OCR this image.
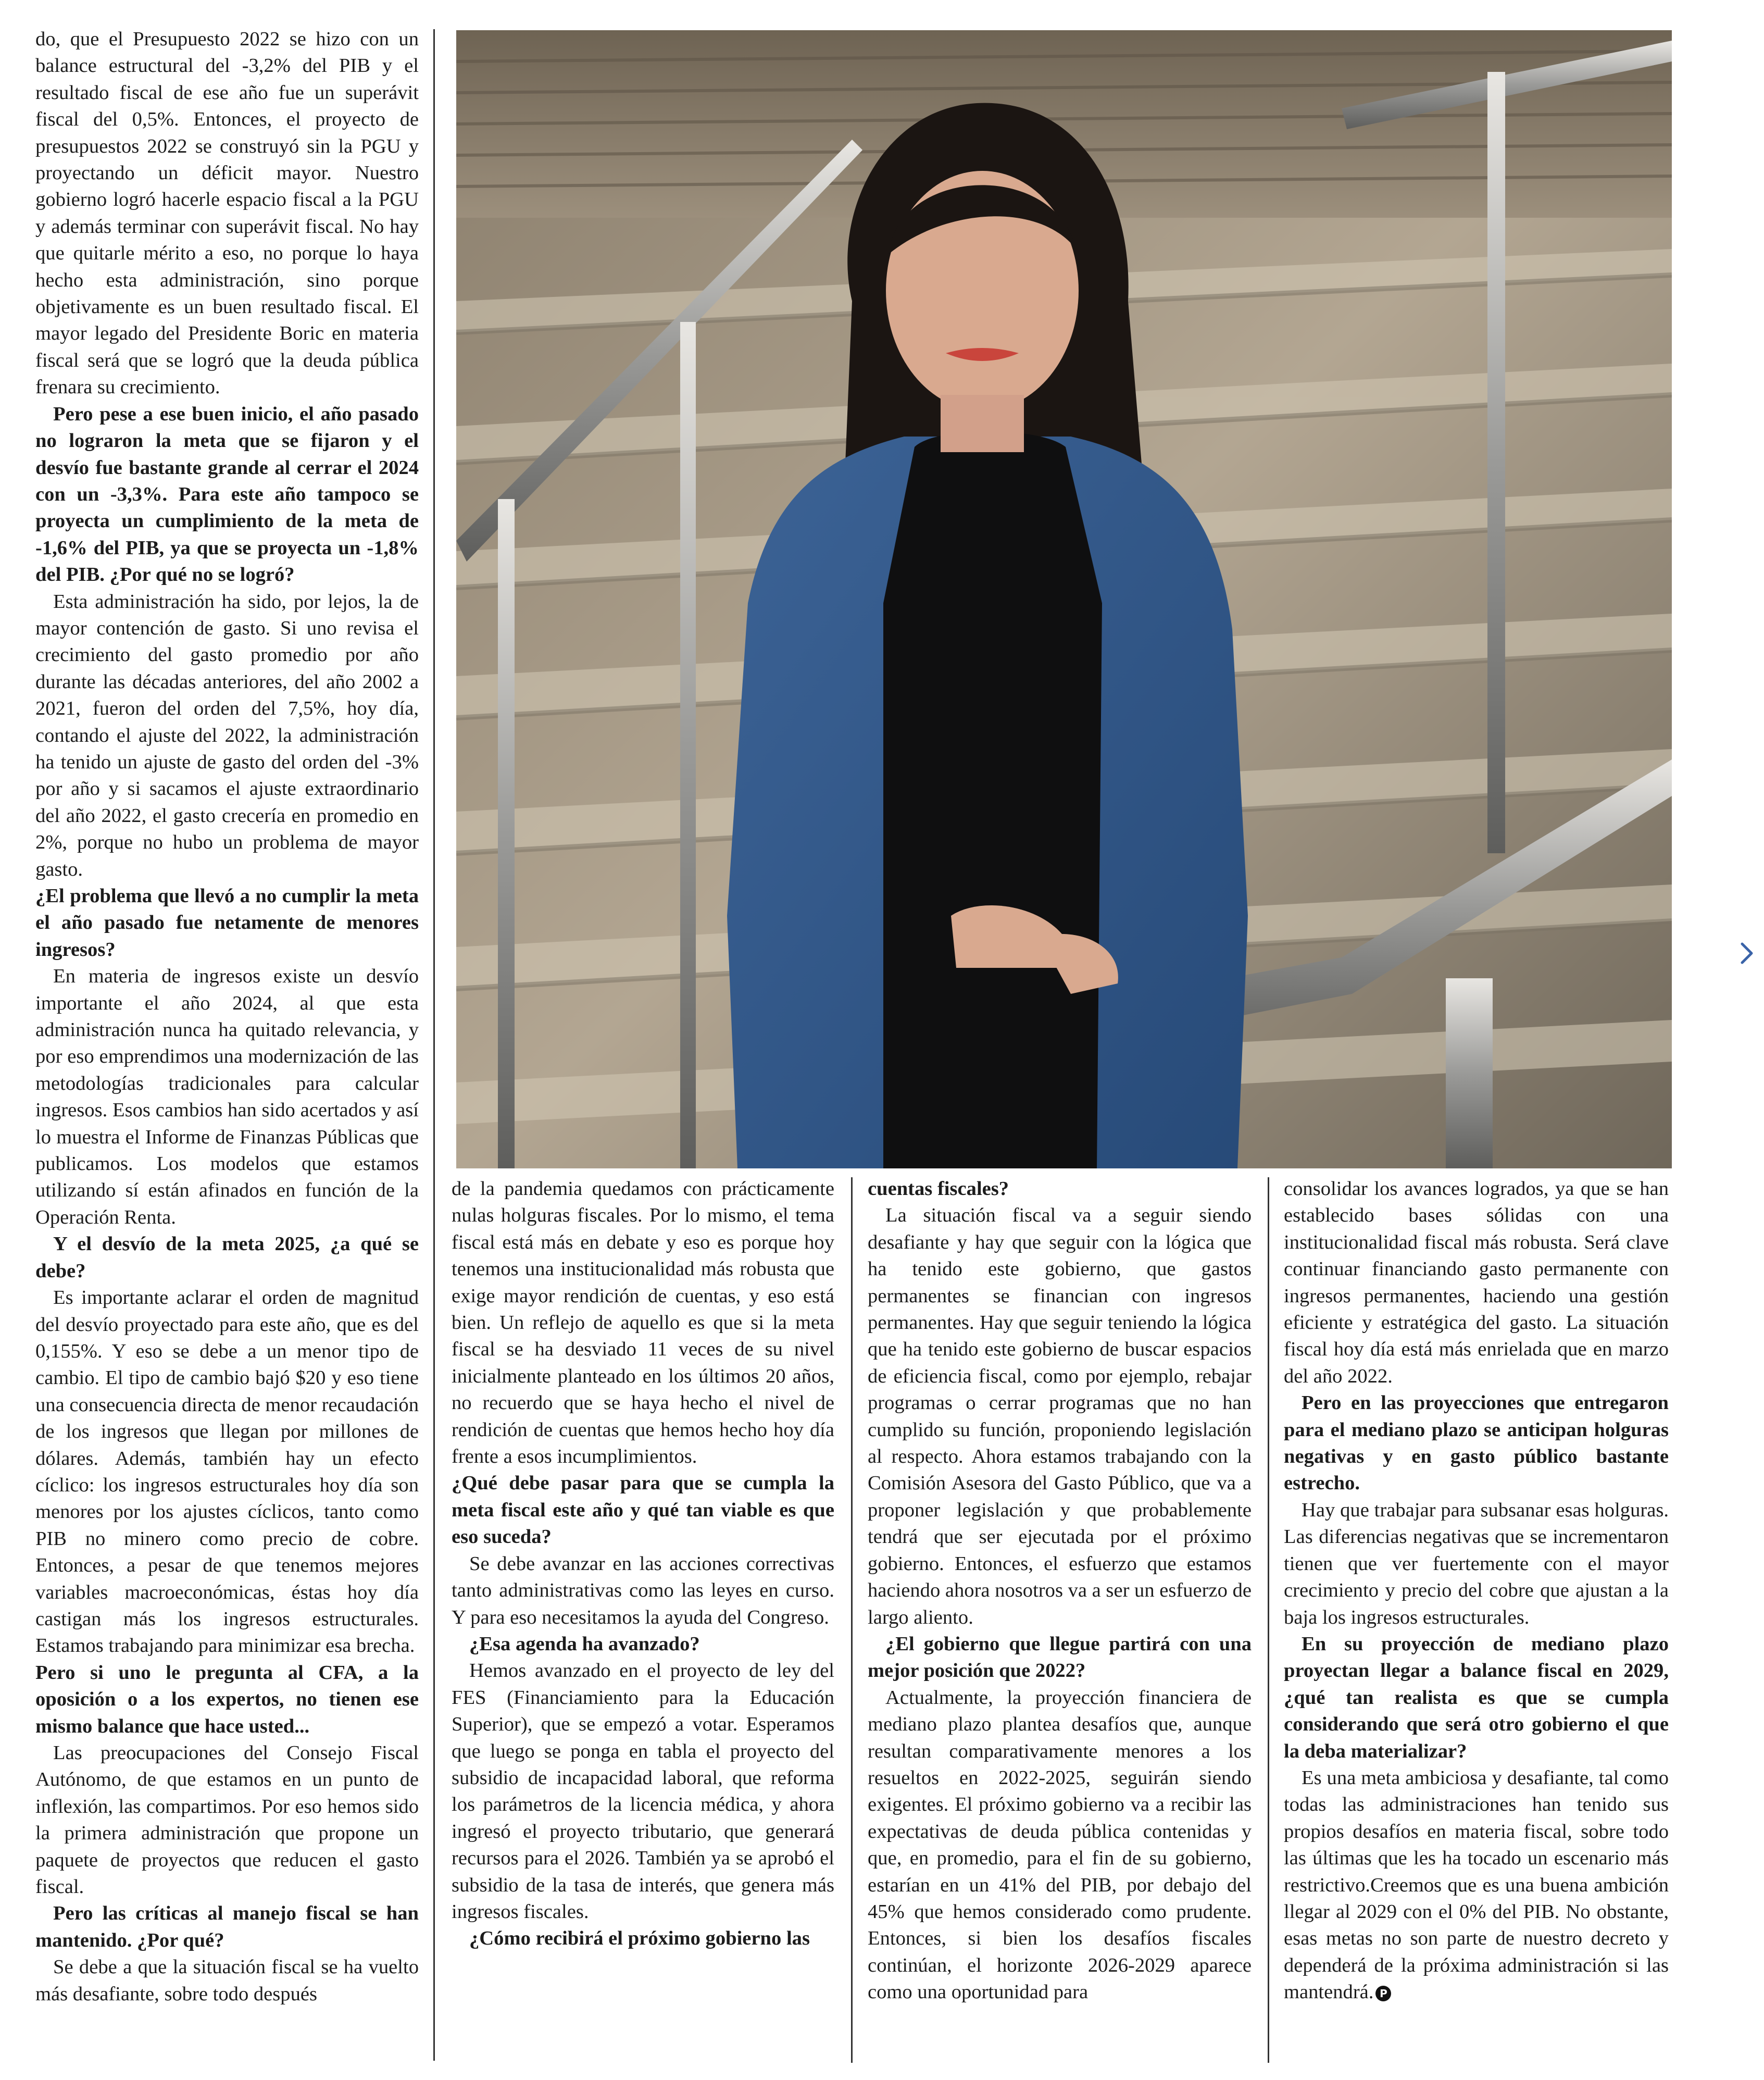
do, que el Presupuesto 2022 se hizo con un balance estructural del -3,2% del PIB y el resultado fiscal de ese año fue un superávit fiscal del 0,5%. Entonces, el proyecto de presupuestos 2022 se construyó sin la PGU y proyectando un déficit mayor. Nuestro gobierno logró hacerle espacio fiscal a la PGU y además terminar con superávit fiscal. No hay que quitarle mérito a eso, no porque lo haya hecho esta administración, sino porque objetivamente es un buen resultado fiscal. El mayor legado del Presidente Boric en materia fiscal será que se logró que la deuda pública frenara su crecimiento.

Pero pese a ese buen inicio, el año pasado no lograron la meta que se fijaron y el desvío fue bastante grande al cerrar el 2024 con un -3,3%. Para este año tampoco se proyecta un cumplimiento de la meta de -1,6% del PIB, ya que se proyecta un -1,8% del PIB. ¿Por qué no se logró?

Esta administración ha sido, por lejos, la de mayor contención de gasto. Si uno revisa el crecimiento del gasto promedio por año durante las décadas anteriores, del año 2002 a 2021, fueron del orden del 7,5%, hoy día, contando el ajuste del 2022, la administración ha tenido un ajuste de gasto del orden del -3% por año y si sacamos el ajuste extraordinario del año 2022, el gasto crecería en promedio en 2%, porque no hubo un problema de mayor gasto.

¿El problema que llevó a no cumplir la meta el año pasado fue netamente de menores ingresos?

En materia de ingresos existe un desvío importante el año 2024, al que esta administración nunca ha quitado relevancia, y por eso emprendimos una modernización de las metodologías tradicionales para calcular ingresos. Esos cambios han sido acertados y así lo muestra el Informe de Finanzas Públicas que publicamos. Los modelos que estamos utilizando sí están afinados en función de la Operación Renta.

Y el desvío de la meta 2025, ¿a qué se debe?

Es importante aclarar el orden de magnitud del desvío proyectado para este año, que es del 0,155%. Y eso se debe a un menor tipo de cambio. El tipo de cambio bajó $20 y eso tiene una consecuencia directa de menor recaudación de los ingresos que llegan por millones de dólares. Además, también hay un efecto cíclico: los ingresos estructurales hoy día son menores por los ajustes cíclicos, tanto como PIB no minero como precio de cobre. Entonces, a pesar de que tenemos mejores variables macroeconómicas, éstas hoy día castigan más los ingresos estructurales. Estamos trabajando para minimizar esa brecha.

Pero si uno le pregunta al CFA, a la oposición o a los expertos, no tienen ese mismo balance que hace usted...

Las preocupaciones del Consejo Fiscal Autónomo, de que estamos en un punto de inflexión, las compartimos. Por eso hemos sido la primera administración que propone un paquete de proyectos que reducen el gasto fiscal.

Pero las críticas al manejo fiscal se han mantenido. ¿Por qué?

Se debe a que la situación fiscal se ha vuelto más desafiante, sobre todo después

de la pandemia quedamos con prácticamente nulas holguras fiscales. Por lo mismo, el tema fiscal está más en debate y eso es porque hoy tenemos una institucionalidad más robusta que exige mayor rendición de cuentas, y eso está bien. Un reflejo de aquello es que si la meta fiscal se ha desviado 11 veces de su nivel inicialmente planteado en los últimos 20 años, no recuerdo que se haya hecho el nivel de rendición de cuentas que hemos hecho hoy día frente a esos incumplimientos.

¿Qué debe pasar para que se cumpla la meta fiscal este año y qué tan viable es que eso suceda?

Se debe avanzar en las acciones correctivas tanto administrativas como las leyes en curso. Y para eso necesitamos la ayuda del Congreso.

¿Esa agenda ha avanzado?

Hemos avanzado en el proyecto de ley del FES (Financiamiento para la Educación Superior), que se empezó a votar. Esperamos que luego se ponga en tabla el proyecto del subsidio de incapacidad laboral, que reforma los parámetros de la licencia médica, y ahora ingresó el proyecto tributario, que generará recursos para el 2026. También ya se aprobó el subsidio de la tasa de interés, que genera más ingresos fiscales.

¿Cómo recibirá el próximo gobierno las

cuentas fiscales?

La situación fiscal va a seguir siendo desafiante y hay que seguir con la lógica que ha tenido este gobierno, que gastos permanentes se financian con ingresos permanentes. Hay que seguir teniendo la lógica que ha tenido este gobierno de buscar espacios de eficiencia fiscal, como por ejemplo, rebajar programas o cerrar programas que no han cumplido su función, proponiendo legislación al respecto. Ahora estamos trabajando con la Comisión Asesora del Gasto Público, que va a proponer legislación y que probablemente tendrá que ser ejecutada por el próximo gobierno. Entonces, el esfuerzo que estamos haciendo ahora nosotros va a ser un esfuerzo de largo aliento.

¿El gobierno que llegue partirá con una mejor posición que 2022?

Actualmente, la proyección financiera de mediano plazo plantea desafíos que, aunque resultan comparativamente menores a los resueltos en 2022-2025, seguirán siendo exigentes. El próximo gobierno va a recibir las expectativas de deuda pública contenidas y que, en promedio, para el fin de su gobierno, estarían en un 41% del PIB, por debajo del 45% que hemos considerado como prudente. Entonces, si bien los desafíos fiscales continúan, el horizonte 2026-2029 aparece como una oportunidad para

consolidar los avances logrados, ya que se han establecido bases sólidas con una institucionalidad fiscal más robusta. Será clave continuar financiando gasto permanente con ingresos permanentes, haciendo una gestión eficiente y estratégica del gasto. La situación fiscal hoy día está más enrielada que en marzo del año 2022.

Pero en las proyecciones que entregaron para el mediano plazo se anticipan holguras negativas y en gasto público bastante estrecho.

Hay que trabajar para subsanar esas holguras. Las diferencias negativas que se incrementaron tienen que ver fuertemente con el mayor crecimiento y precio del cobre que ajustan a la baja los ingresos estructurales.

En su proyección de mediano plazo proyectan llegar a balance fiscal en 2029, ¿qué tan realista es que se cumpla considerando que será otro gobierno el que la deba materializar?

Es una meta ambiciosa y desafiante, tal como todas las administraciones han tenido sus propios desafíos en materia fiscal, sobre todo las últimas que les ha tocado un escenario más restrictivo.Creemos que es una buena ambición llegar al 2029 con el 0% del PIB. No obstante, esas metas no son parte de nuestro decreto y dependerá de la próxima administración si las mantendrá. P
